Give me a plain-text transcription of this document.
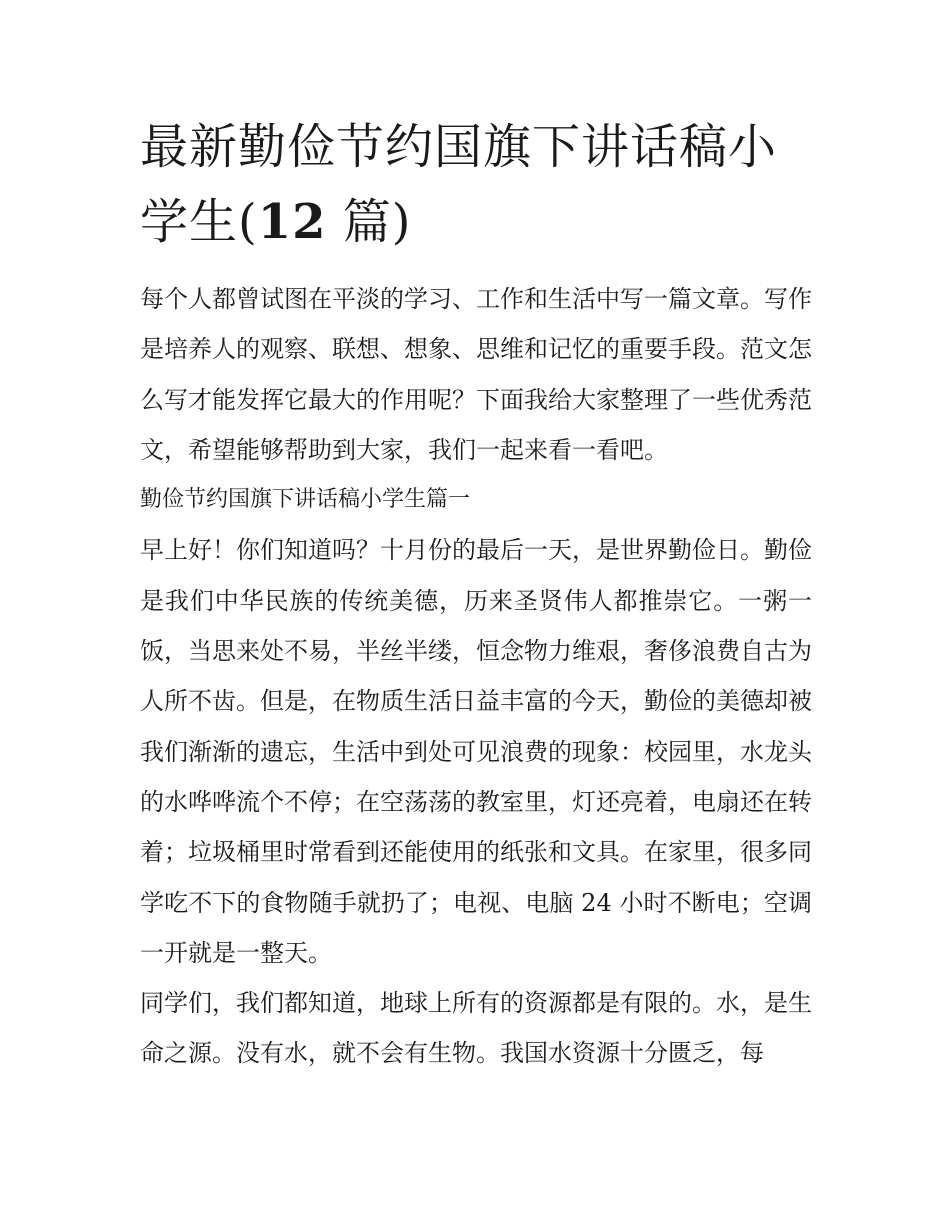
最新勤俭节约国旗下讲话稿小学生(12 篇)

每个人都曾试图在平淡的学习、工作和生活中写一篇文章。写作是培养人的观察、联想、想象、思维和记忆的重要手段。范文怎么写才能发挥它最大的作用呢？下面我给大家整理了一些优秀范文，希望能够帮助到大家，我们一起来看一看吧。

勤俭节约国旗下讲话稿小学生篇一

早上好！你们知道吗？十月份的最后一天，是世界勤俭日。勤俭是我们中华民族的传统美德，历来圣贤伟人都推崇它。一粥一饭，当思来处不易，半丝半缕，恒念物力维艰，奢侈浪费自古为人所不齿。但是，在物质生活日益丰富的今天，勤俭的美德却被我们渐渐的遗忘，生活中到处可见浪费的现象：校园里，水龙头的水哗哗流个不停；在空荡荡的教室里，灯还亮着，电扇还在转着；垃圾桶里时常看到还能使用的纸张和文具。在家里，很多同学吃不下的食物随手就扔了；电视、电脑 24 小时不断电；空调一开就是一整天。

同学们，我们都知道，地球上所有的资源都是有限的。水，是生命之源。没有水，就不会有生物。我国水资源十分匮乏，每
